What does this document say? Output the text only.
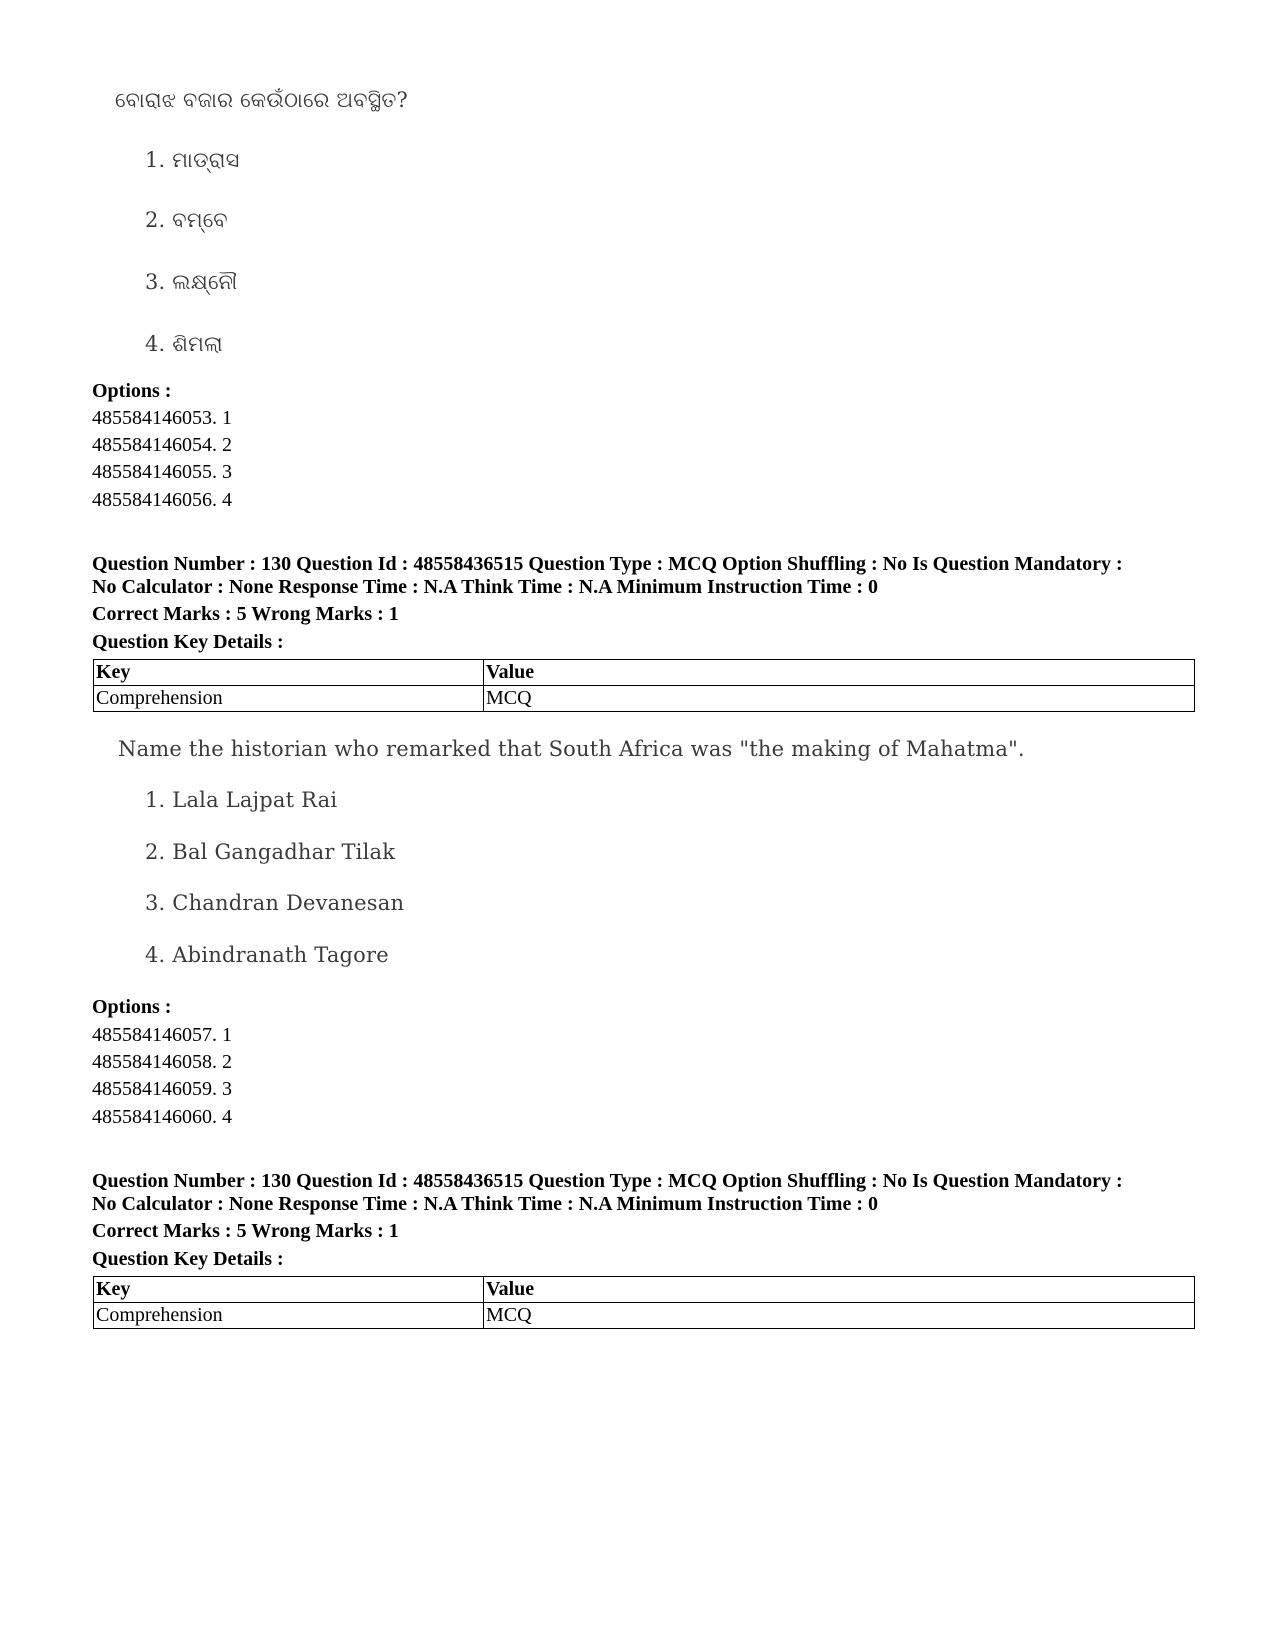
ବୋରାଝ ବଜାର କେଉଁଠାରେ ଅବସ୍ଥିତ?
1. ମାଡ୍ରାସ
2. ବମ୍ବେ
3. ଲକ୍ଷ୍ନୌ
4. ଶିମଲା
Options :
485584146053. 1
485584146054. 2
485584146055. 3
485584146056. 4
Question Number : 130 Question Id : 48558436515 Question Type : MCQ Option Shuffling : No Is Question Mandatory :
No Calculator : None Response Time : N.A Think Time : N.A Minimum Instruction Time : 0
Correct Marks : 5 Wrong Marks : 1
Question Key Details :
Key	Value
Comprehension	MCQ
Name the historian who remarked that South Africa was "the making of Mahatma".
1. Lala Lajpat Rai
2. Bal Gangadhar Tilak
3. Chandran Devanesan
4. Abindranath Tagore
Options :
485584146057. 1
485584146058. 2
485584146059. 3
485584146060. 4
Question Number : 130 Question Id : 48558436515 Question Type : MCQ Option Shuffling : No Is Question Mandatory :
No Calculator : None Response Time : N.A Think Time : N.A Minimum Instruction Time : 0
Correct Marks : 5 Wrong Marks : 1
Question Key Details :
Key	Value
Comprehension	MCQ
